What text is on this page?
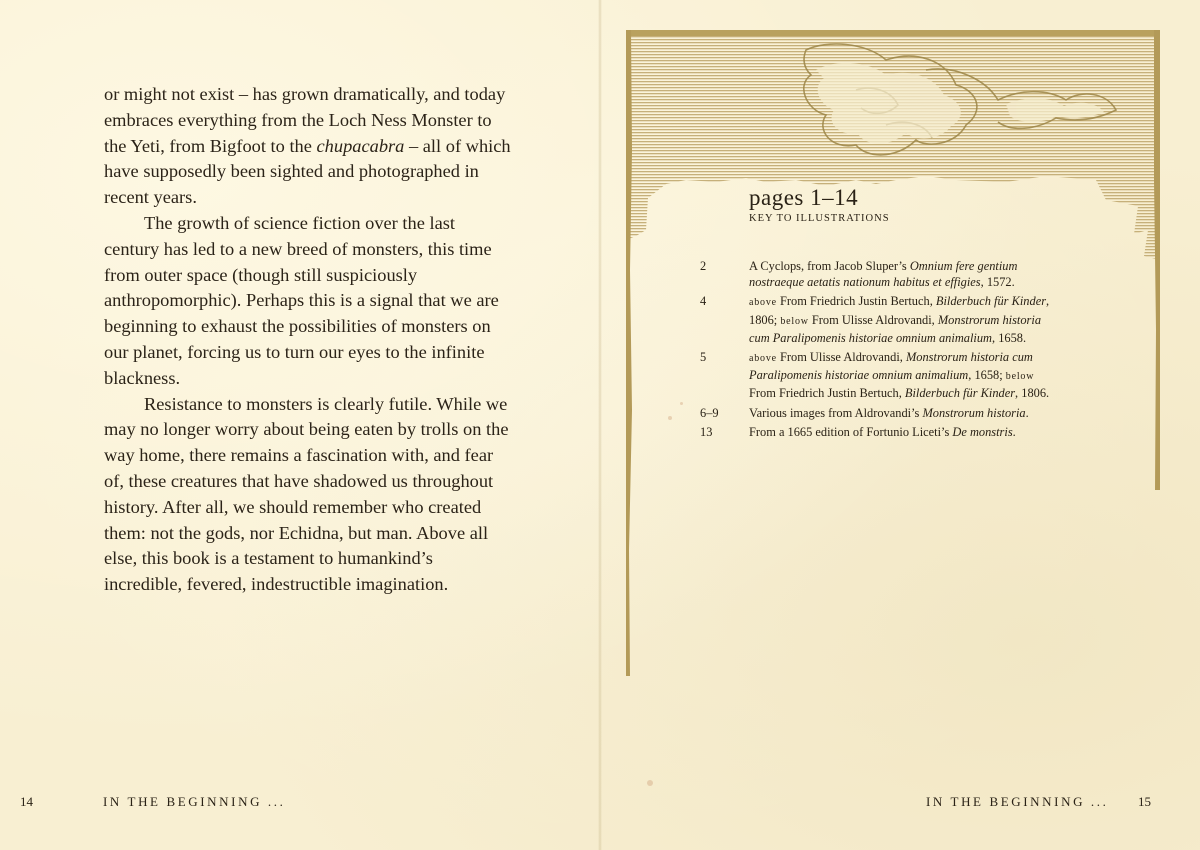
or might not exist – has grown dramatically, and today embraces everything from the Loch Ness Monster to the Yeti, from Bigfoot to the chupacabra – all of which have supposedly been sighted and photographed in recent years.

The growth of science fiction over the last century has led to a new breed of monsters, this time from outer space (though still suspiciously anthropomorphic). Perhaps this is a signal that we are beginning to exhaust the possibilities of monsters on our planet, forcing us to turn our eyes to the infinite blackness.

Resistance to monsters is clearly futile. While we may no longer worry about being eaten by trolls on the way home, there remains a fascination with, and fear of, these creatures that have shadowed us throughout history. After all, we should remember who created them: not the gods, nor Echidna, but man. Above all else, this book is a testament to humankind’s incredible, fevered, indestructible imagination.

14	IN THE BEGINNING ...
pages 1–14
KEY TO ILLUSTRATIONS
2	A Cyclops, from Jacob Sluper’s Omnium fere gentium nostraeque aetatis nationum habitus et effigies, 1572.
4	above From Friedrich Justin Bertuch, Bilderbuch für Kinder, 1806; below From Ulisse Aldrovandi, Monstrorum historia cum Paralipomenis historiae omnium animalium, 1658.
5	above From Ulisse Aldrovandi, Monstrorum historia cum Paralipomenis historiae omnium animalium, 1658; below From Friedrich Justin Bertuch, Bilderbuch für Kinder, 1806.
6–9	Various images from Aldrovandi’s Monstrorum historia.
13	From a 1665 edition of Fortunio Liceti’s De monstris.
IN THE BEGINNING ... 15
